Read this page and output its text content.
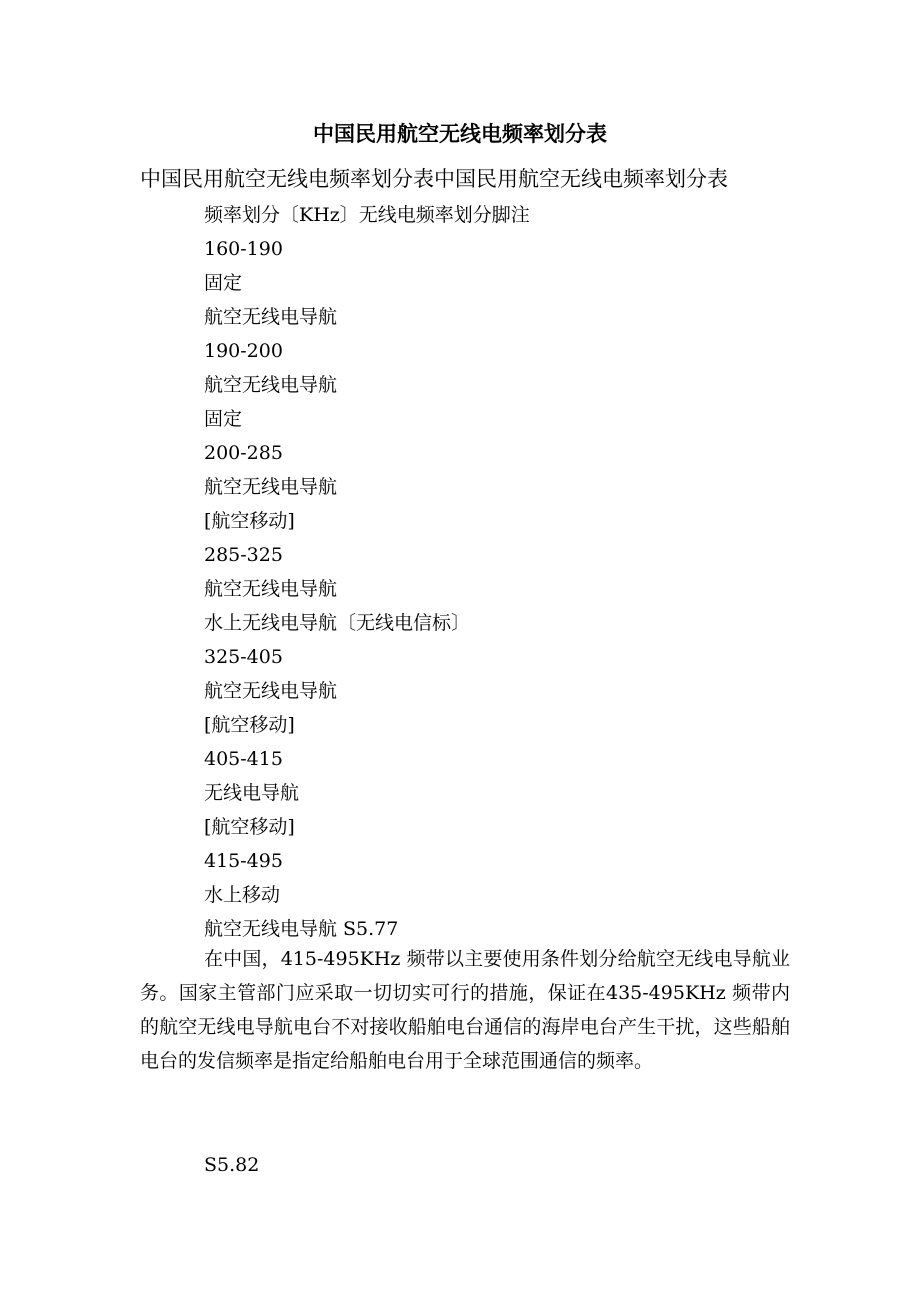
中国民用航空无线电频率划分表
中国民用航空无线电频率划分表中国民用航空无线电频率划分表
频率划分〔KHz〕无线电频率划分脚注
160-190
固定
航空无线电导航
190-200
航空无线电导航
固定
200-285
航空无线电导航
[航空移动]
285-325
航空无线电导航
水上无线电导航〔无线电信标〕
325-405
航空无线电导航
[航空移动]
405-415
无线电导航
[航空移动]
415-495
水上移动
航空无线电导航 S5.77
在中国，415-495KHz 频带以主要使用条件划分给航空无线电导航业务。国家主管部门应采取一切切实可行的措施，保证在435-495KHz 频带内的航空无线电导航电台不对接收船舶电台通信的海岸电台产生干扰，这些船舶电台的发信频率是指定给船舶电台用于全球范围通信的频率。
S5.82
